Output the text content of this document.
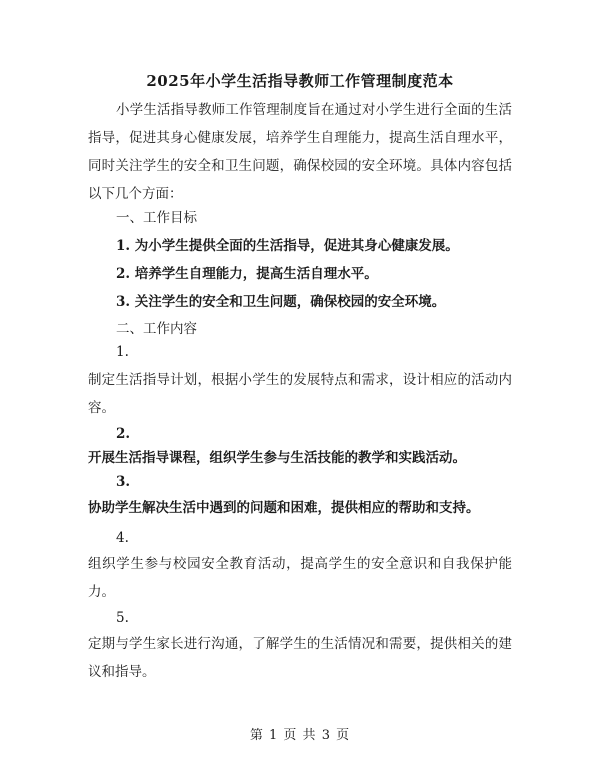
2025年小学生活指导教师工作管理制度范本

小学生活指导教师工作管理制度旨在通过对小学生进行全面的生活指导，促进其身心健康发展，培养学生自理能力，提高生活自理水平，同时关注学生的安全和卫生问题，确保校园的安全环境。具体内容包括以下几个方面：

一、工作目标
1. 为小学生提供全面的生活指导，促进其身心健康发展。
2. 培养学生自理能力，提高生活自理水平。
3. 关注学生的安全和卫生问题，确保校园的安全环境。
二、工作内容
1.

制定生活指导计划，根据小学生的发展特点和需求，设计相应的活动内容。

2.
开展生活指导课程，组织学生参与生活技能的教学和实践活动。
3.
协助学生解决生活中遇到的问题和困难，提供相应的帮助和支持。
4.

组织学生参与校园安全教育活动，提高学生的安全意识和自我保护能力。

5.

定期与学生家长进行沟通，了解学生的生活情况和需要，提供相关的建议和指导。

第 1 页 共 3 页
